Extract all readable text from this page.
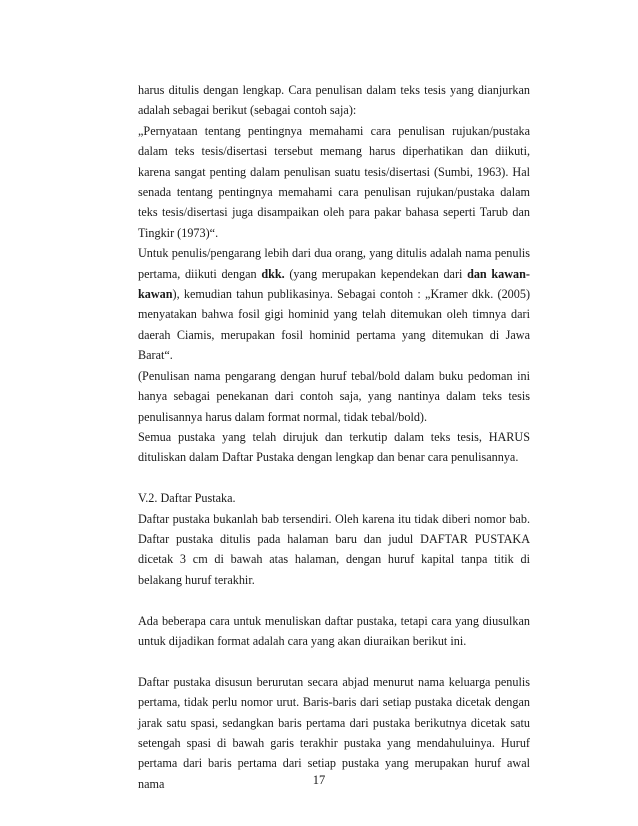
harus ditulis dengan lengkap. Cara penulisan dalam teks tesis yang dianjurkan adalah sebagai berikut (sebagai contoh saja):

„Pernyataan tentang pentingnya memahami cara penulisan rujukan/pustaka dalam teks tesis/disertasi tersebut memang harus diperhatikan dan diikuti, karena sangat penting dalam penulisan suatu tesis/disertasi (Sumbi, 1963). Hal senada tentang pentingnya memahami cara penulisan rujukan/pustaka dalam teks tesis/disertasi juga disampaikan oleh para pakar bahasa seperti Tarub dan Tingkir (1973)“.

Untuk penulis/pengarang lebih dari dua orang, yang ditulis adalah nama penulis pertama, diikuti dengan dkk. (yang merupakan kependekan dari dan kawan-kawan), kemudian tahun publikasinya. Sebagai contoh : „Kramer dkk. (2005) menyatakan bahwa fosil gigi hominid yang telah ditemukan oleh timnya dari daerah Ciamis, merupakan fosil hominid pertama yang ditemukan di Jawa Barat“.

(Penulisan nama pengarang dengan huruf tebal/bold dalam buku pedoman ini hanya sebagai penekanan dari contoh saja, yang nantinya dalam teks tesis penulisannya harus dalam format normal, tidak tebal/bold).

Semua pustaka yang telah dirujuk dan terkutip dalam teks tesis, HARUS dituliskan dalam Daftar Pustaka dengan lengkap dan benar cara penulisannya.

V.2. Daftar Pustaka.

Daftar pustaka bukanlah bab tersendiri. Oleh karena itu tidak diberi nomor bab. Daftar pustaka ditulis pada halaman baru dan judul DAFTAR PUSTAKA dicetak 3 cm di bawah atas halaman, dengan huruf kapital tanpa titik di belakang huruf terakhir.

Ada beberapa cara untuk menuliskan daftar pustaka, tetapi cara yang diusulkan untuk dijadikan format adalah cara yang akan diuraikan berikut ini.

Daftar pustaka disusun berurutan secara abjad menurut nama keluarga penulis pertama, tidak perlu nomor urut. Baris-baris dari setiap pustaka dicetak dengan jarak satu spasi, sedangkan baris pertama dari pustaka berikutnya dicetak satu setengah spasi di bawah garis terakhir pustaka yang mendahuluinya. Huruf pertama dari baris pertama dari setiap pustaka yang merupakan huruf awal nama	17
